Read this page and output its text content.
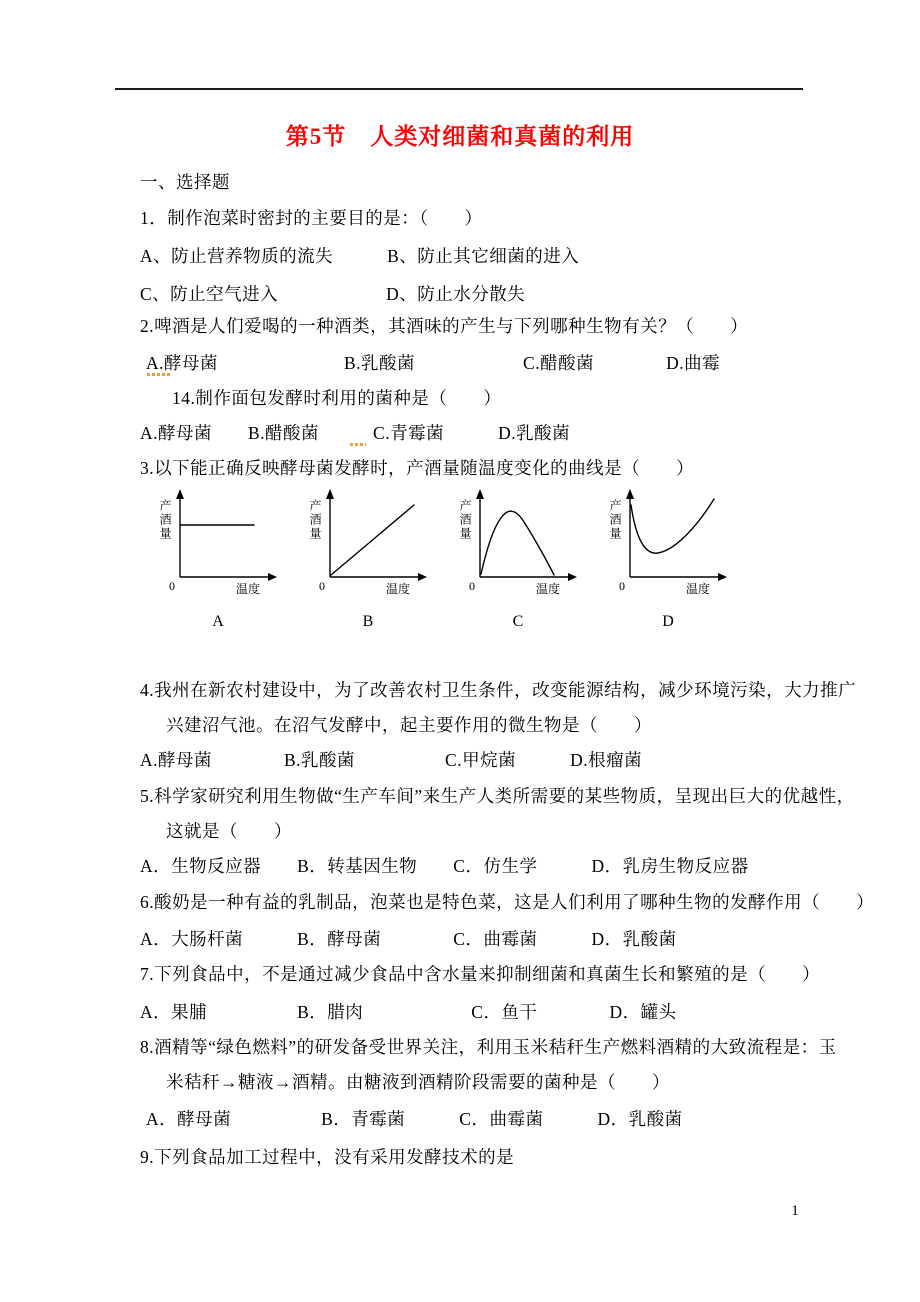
第5节　人类对细菌和真菌的利用
一、选择题
1．制作泡菜时密封的主要目的是：（　　）
A、防止营养物质的流失　　　B、防止其它细菌的进入
C、防止空气进入　　　　　　D、防止水分散失
2.啤酒是人们爱喝的一种酒类，其酒味的产生与下列哪种生物有关？（　　）
A.酵母菌　　　　　　　B.乳酸菌　　　　　　C.醋酸菌　　　　D.曲霉
14.制作面包发酵时利用的菌种是（　　）
A.酵母菌　　B.醋酸菌　　　C.青霉菌　　　D.乳酸菌
3.以下能正确反映酵母菌发酵时，产酒量随温度变化的曲线是（　　）
产酒量
0	温度
A
产酒量
0	温度
B
产酒量
0	温度
C
产酒量
0	温度
D
4.我州在新农村建设中，为了改善农村卫生条件，改变能源结构，减少环境污染，大力推广
兴建沼气池。在沼气发酵中，起主要作用的微生物是（　　）
A.酵母菌　　　　B.乳酸菌　　　　　C.甲烷菌　　　D.根瘤菌
5.科学家研究利用生物做“生产车间”来生产人类所需要的某些物质，呈现出巨大的优越性，
这就是（　　）
A．生物反应器　　B．转基因生物　　C．仿生学　　　D．乳房生物反应器
6.酸奶是一种有益的乳制品，泡菜也是特色菜，这是人们利用了哪种生物的发酵作用（　　）
A．大肠杆菌　　　B．酵母菌　　　　C．曲霉菌　　　D．乳酸菌
7.下列食品中，不是通过减少食品中含水量来抑制细菌和真菌生长和繁殖的是（　　）
A．果脯　　　　　B．腊肉　　　　　　C．鱼干　　　　D．罐头
8.酒精等“绿色燃料”的研发备受世界关注，利用玉米秸秆生产燃料酒精的大致流程是：玉
米秸秆→糖液→酒精。由糖液到酒精阶段需要的菌种是（　　）
A．酵母菌　　　　　B．青霉菌　　　C．曲霉菌　　　D．乳酸菌
9.下列食品加工过程中，没有采用发酵技术的是
1
